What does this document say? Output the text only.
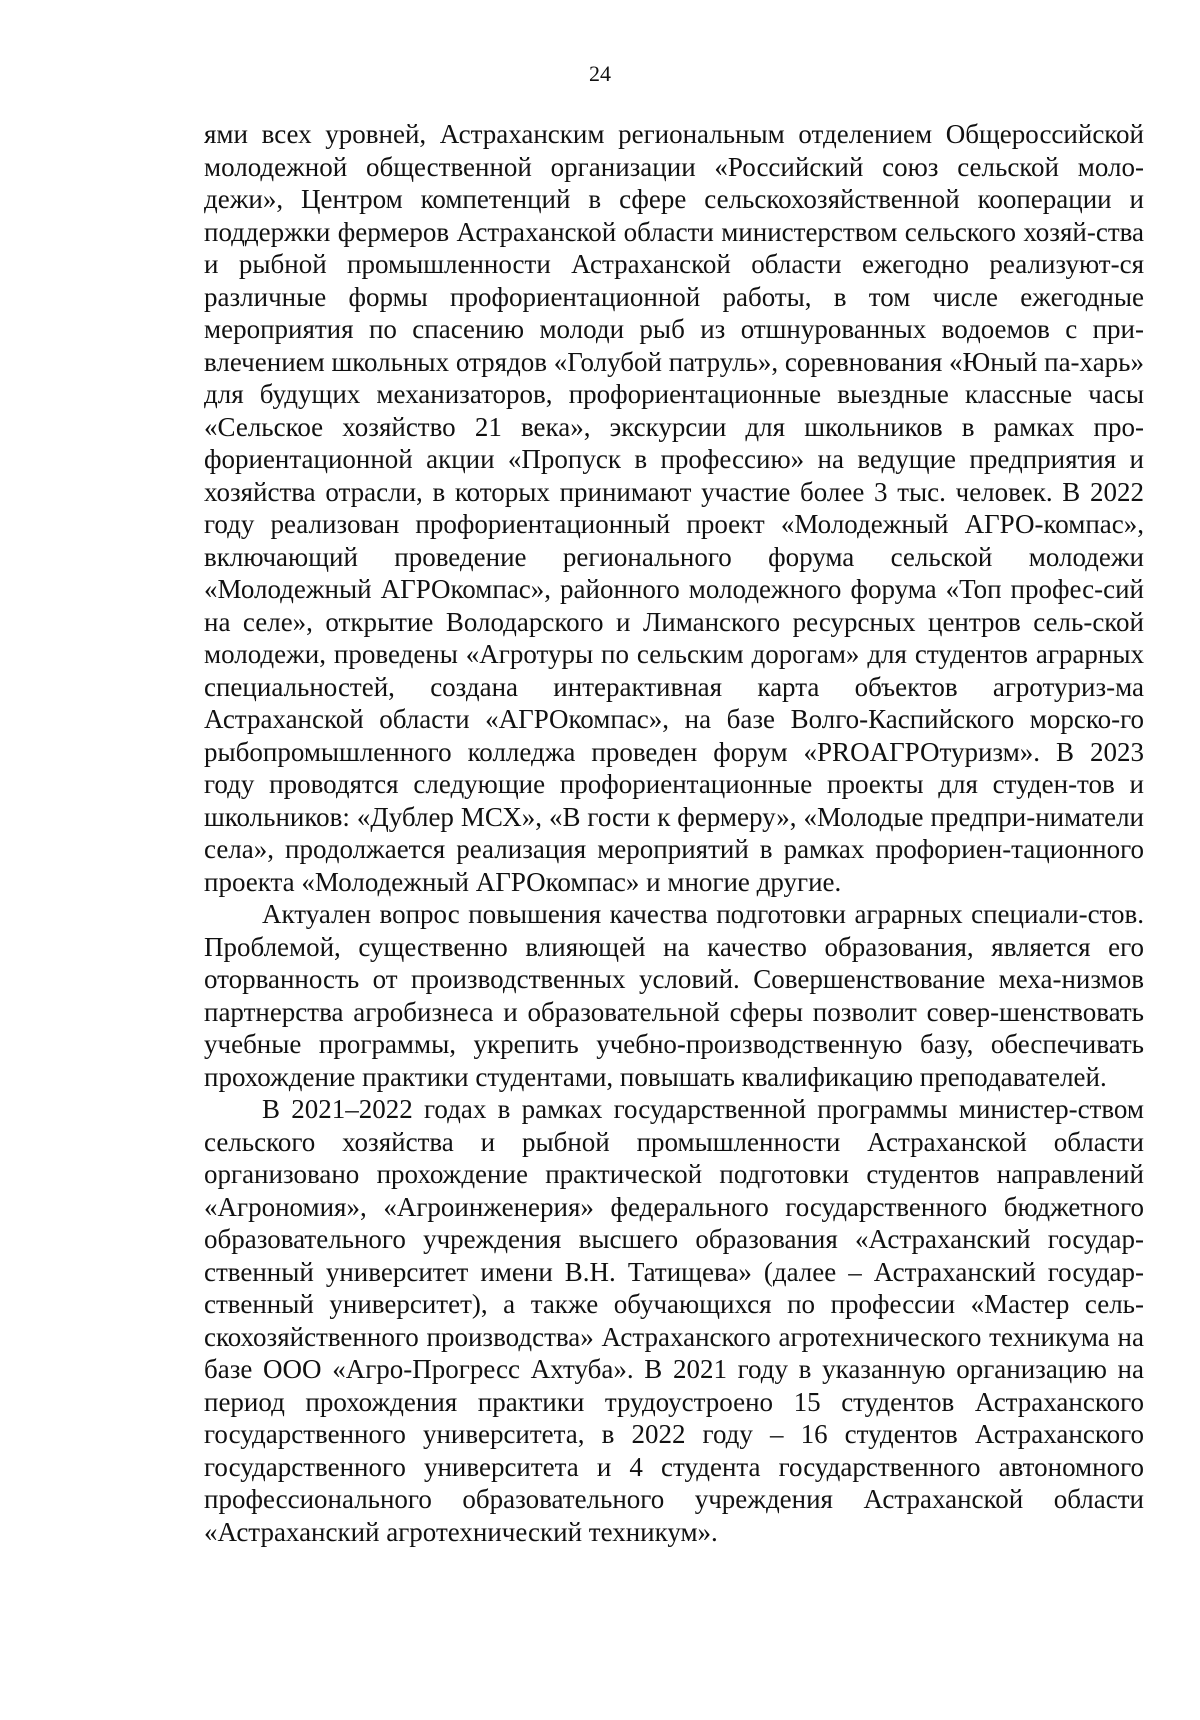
24

ями всех уровней, Астраханским региональным отделением Общероссийской молодежной общественной организации «Российский союз сельской моло-дежи», Центром компетенций в сфере сельскохозяйственной кооперации и поддержки фермеров Астраханской области министерством сельского хозяй-ства и рыбной промышленности Астраханской области ежегодно реализуют-ся различные формы профориентационной работы, в том числе ежегодные мероприятия по спасению молоди рыб из отшнурованных водоемов с при-влечением школьных отрядов «Голубой патруль», соревнования «Юный па-харь» для будущих механизаторов, профориентационные выездные классные часы «Сельское хозяйство 21 века», экскурсии для школьников в рамках про-фориентационной акции «Пропуск в профессию» на ведущие предприятия и хозяйства отрасли, в которых принимают участие более 3 тыс. человек. В 2022 году реализован профориентационный проект «Молодежный АГРО-компас», включающий проведение регионального форума сельской молодежи «Молодежный АГРОкомпас», районного молодежного форума «Топ профес-сий на селе», открытие Володарского и Лиманского ресурсных центров сель-ской молодежи, проведены «Агротуры по сельским дорогам» для студентов аграрных специальностей, создана интерактивная карта объектов агротуриз-ма Астраханской области «АГРОкомпас», на базе Волго-Каспийского морско-го рыбопромышленного колледжа проведен форум «PROАГРОтуризм». В 2023 году проводятся следующие профориентационные проекты для студен-тов и школьников: «Дублер МСХ», «В гости к фермеру», «Молодые предпри-ниматели села», продолжается реализация мероприятий в рамках профориен-тационного проекта «Молодежный АГРОкомпас» и многие другие.

Актуален вопрос повышения качества подготовки аграрных специали-стов. Проблемой, существенно влияющей на качество образования, является его оторванность от производственных условий. Совершенствование меха-низмов партнерства агробизнеса и образовательной сферы позволит совер-шенствовать учебные программы, укрепить учебно-производственную базу, обеспечивать прохождение практики студентами, повышать квалификацию преподавателей.

В 2021–2022 годах в рамках государственной программы министер-ством сельского хозяйства и рыбной промышленности Астраханской области организовано прохождение практической подготовки студентов направлений «Агрономия», «Агроинженерия» федерального государственного бюджетного образовательного учреждения высшего образования «Астраханский государ-ственный университет имени В.Н. Татищева» (далее – Астраханский государ-ственный университет), а также обучающихся по профессии «Мастер сель-скохозяйственного производства» Астраханского агротехнического техникума на базе ООО «Агро-Прогресс Ахтуба». В 2021 году в указанную организацию на период прохождения практики трудоустроено 15 студентов Астраханского государственного университета, в 2022 году – 16 студентов Астраханского государственного университета и 4 студента государственного автономного профессионального образовательного учреждения Астраханской области «Астраханский агротехнический техникум».
